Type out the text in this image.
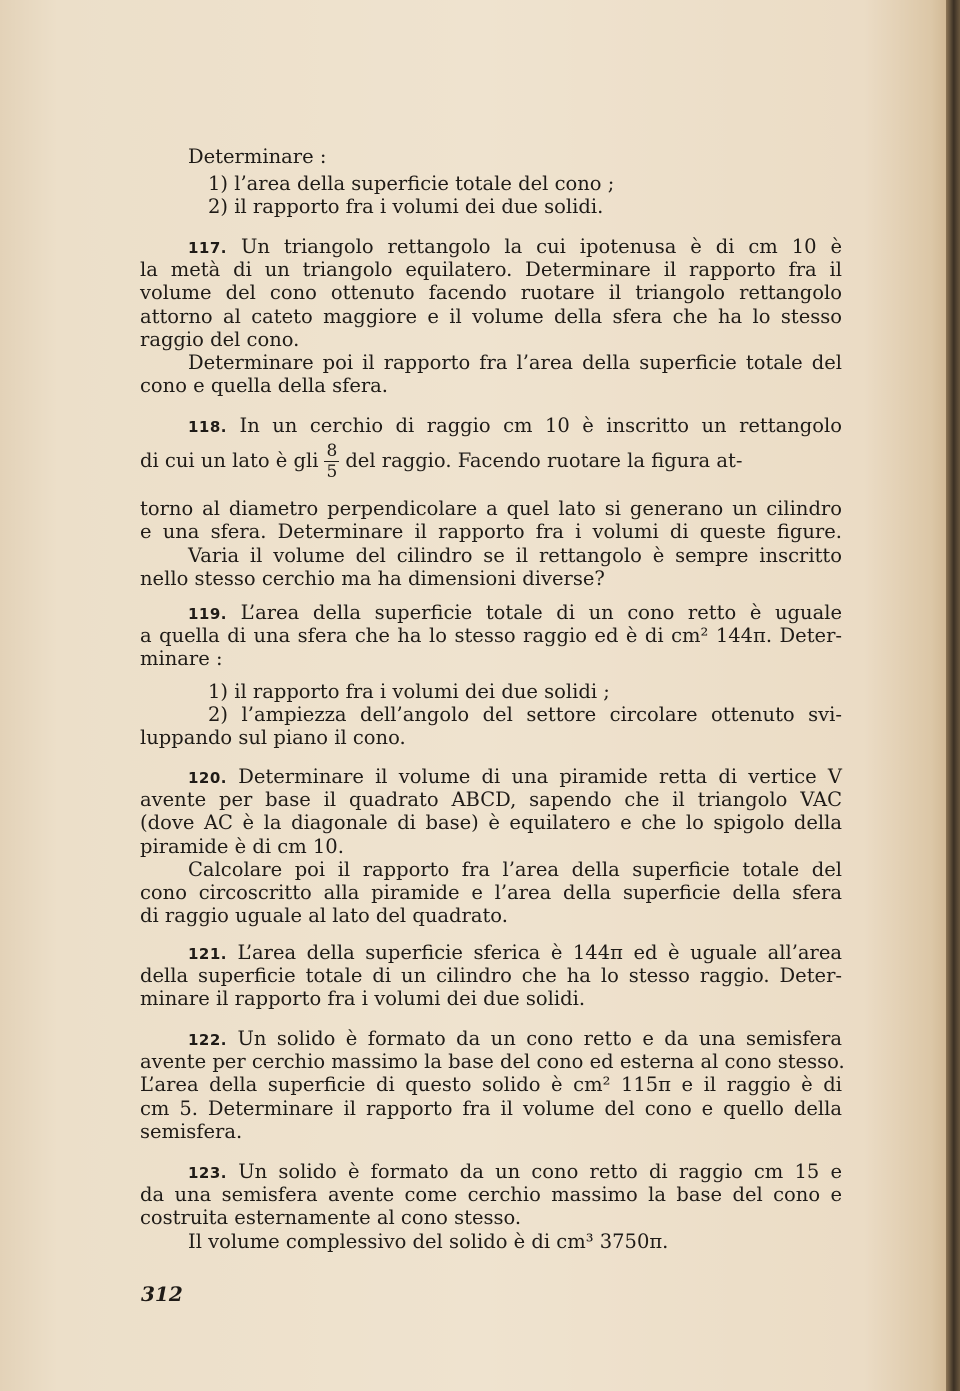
Determinare :
1) l’area della superficie totale del cono ;
2) il rapporto fra i volumi dei due solidi.
117. Un triangolo rettangolo la cui ipotenusa è di cm 10 è
la metà di un triangolo equilatero. Determinare il rapporto fra il
volume del cono ottenuto facendo ruotare il triangolo rettangolo
attorno al cateto maggiore e il volume della sfera che ha lo stesso
raggio del cono.
Determinare poi il rapporto fra l’area della superficie totale del
cono e quella della sfera.
118. In un cerchio di raggio cm 10 è inscritto un rettangolo
di cui un lato è gli $\frac{8}{5}$ del raggio. Facendo ruotare la figura at-
torno al diametro perpendicolare a quel lato si generano un cilindro
e una sfera. Determinare il rapporto fra i volumi di queste figure.
Varia il volume del cilindro se il rettangolo è sempre inscritto
nello stesso cerchio ma ha dimensioni diverse?
119. L’area della superficie totale di un cono retto è uguale
a quella di una sfera che ha lo stesso raggio ed è di cm² 144π. Deter-
minare :
1) il rapporto fra i volumi dei due solidi ;
2) l’ampiezza dell’angolo del settore circolare ottenuto svi-
luppando sul piano il cono.
120. Determinare il volume di una piramide retta di vertice V
avente per base il quadrato ABCD, sapendo che il triangolo VAC
(dove AC è la diagonale di base) è equilatero e che lo spigolo della
piramide è di cm 10.
Calcolare poi il rapporto fra l’area della superficie totale del
cono circoscritto alla piramide e l’area della superficie della sfera
di raggio uguale al lato del quadrato.
121. L’area della superficie sferica è 144π ed è uguale all’area
della superficie totale di un cilindro che ha lo stesso raggio. Deter-
minare il rapporto fra i volumi dei due solidi.
122. Un solido è formato da un cono retto e da una semisfera
avente per cerchio massimo la base del cono ed esterna al cono stesso.
L’area della superficie di questo solido è cm² 115π e il raggio è di
cm 5. Determinare il rapporto fra il volume del cono e quello della
semisfera.
123. Un solido è formato da un cono retto di raggio cm 15 e
da una semisfera avente come cerchio massimo la base del cono e
costruita esternamente al cono stesso.
Il volume complessivo del solido è di cm³ 3750π.
312
